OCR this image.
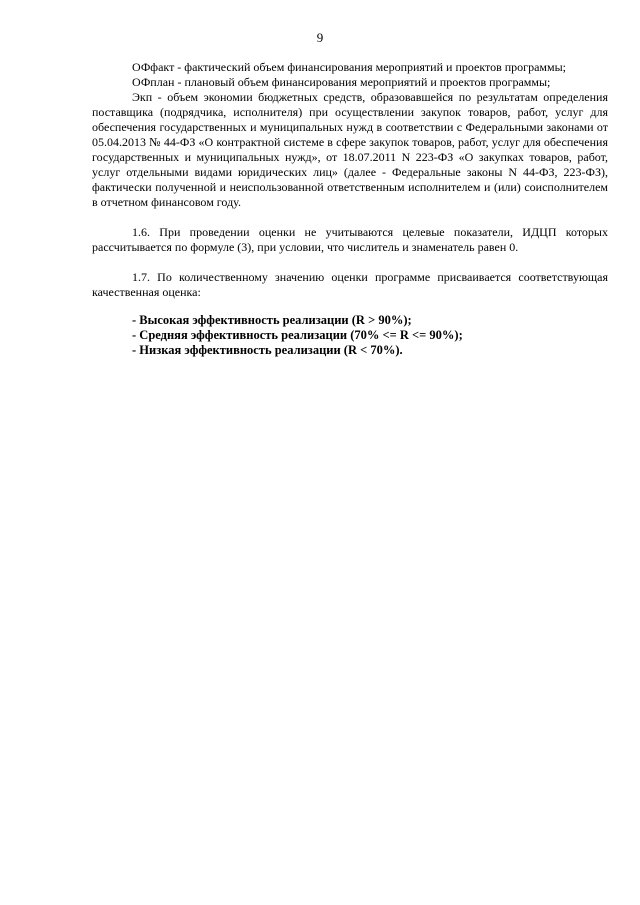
9

ОФфакт - фактический объем финансирования мероприятий и проектов программы;

ОФплан - плановый объем финансирования мероприятий и проектов программы;

Экп - объем экономии бюджетных средств, образовавшейся по результатам определения поставщика (подрядчика, исполнителя) при осуществлении закупок товаров, работ, услуг для обеспечения государственных и муниципальных нужд в соответствии с Федеральными законами от 05.04.2013 № 44-ФЗ «О контрактной системе в сфере закупок товаров, работ, услуг для обеспечения государственных и муниципальных нужд», от 18.07.2011 N 223-ФЗ «О закупках товаров, работ, услуг отдельными видами юридических лиц» (далее - Федеральные законы N 44-ФЗ, 223-ФЗ), фактически полученной и неиспользованной ответственным исполнителем и (или) соисполнителем в отчетном финансовом году.

1.6. При проведении оценки не учитываются целевые показатели, ИДЦП которых рассчитывается по формуле (3), при условии, что числитель и знаменатель равен 0.

1.7. По количественному значению оценки программе присваивается соответствующая качественная оценка:

- Высокая эффективность реализации (R > 90%);

- Средняя эффективность реализации (70% <= R <= 90%);

- Низкая эффективность реализации (R < 70%).
